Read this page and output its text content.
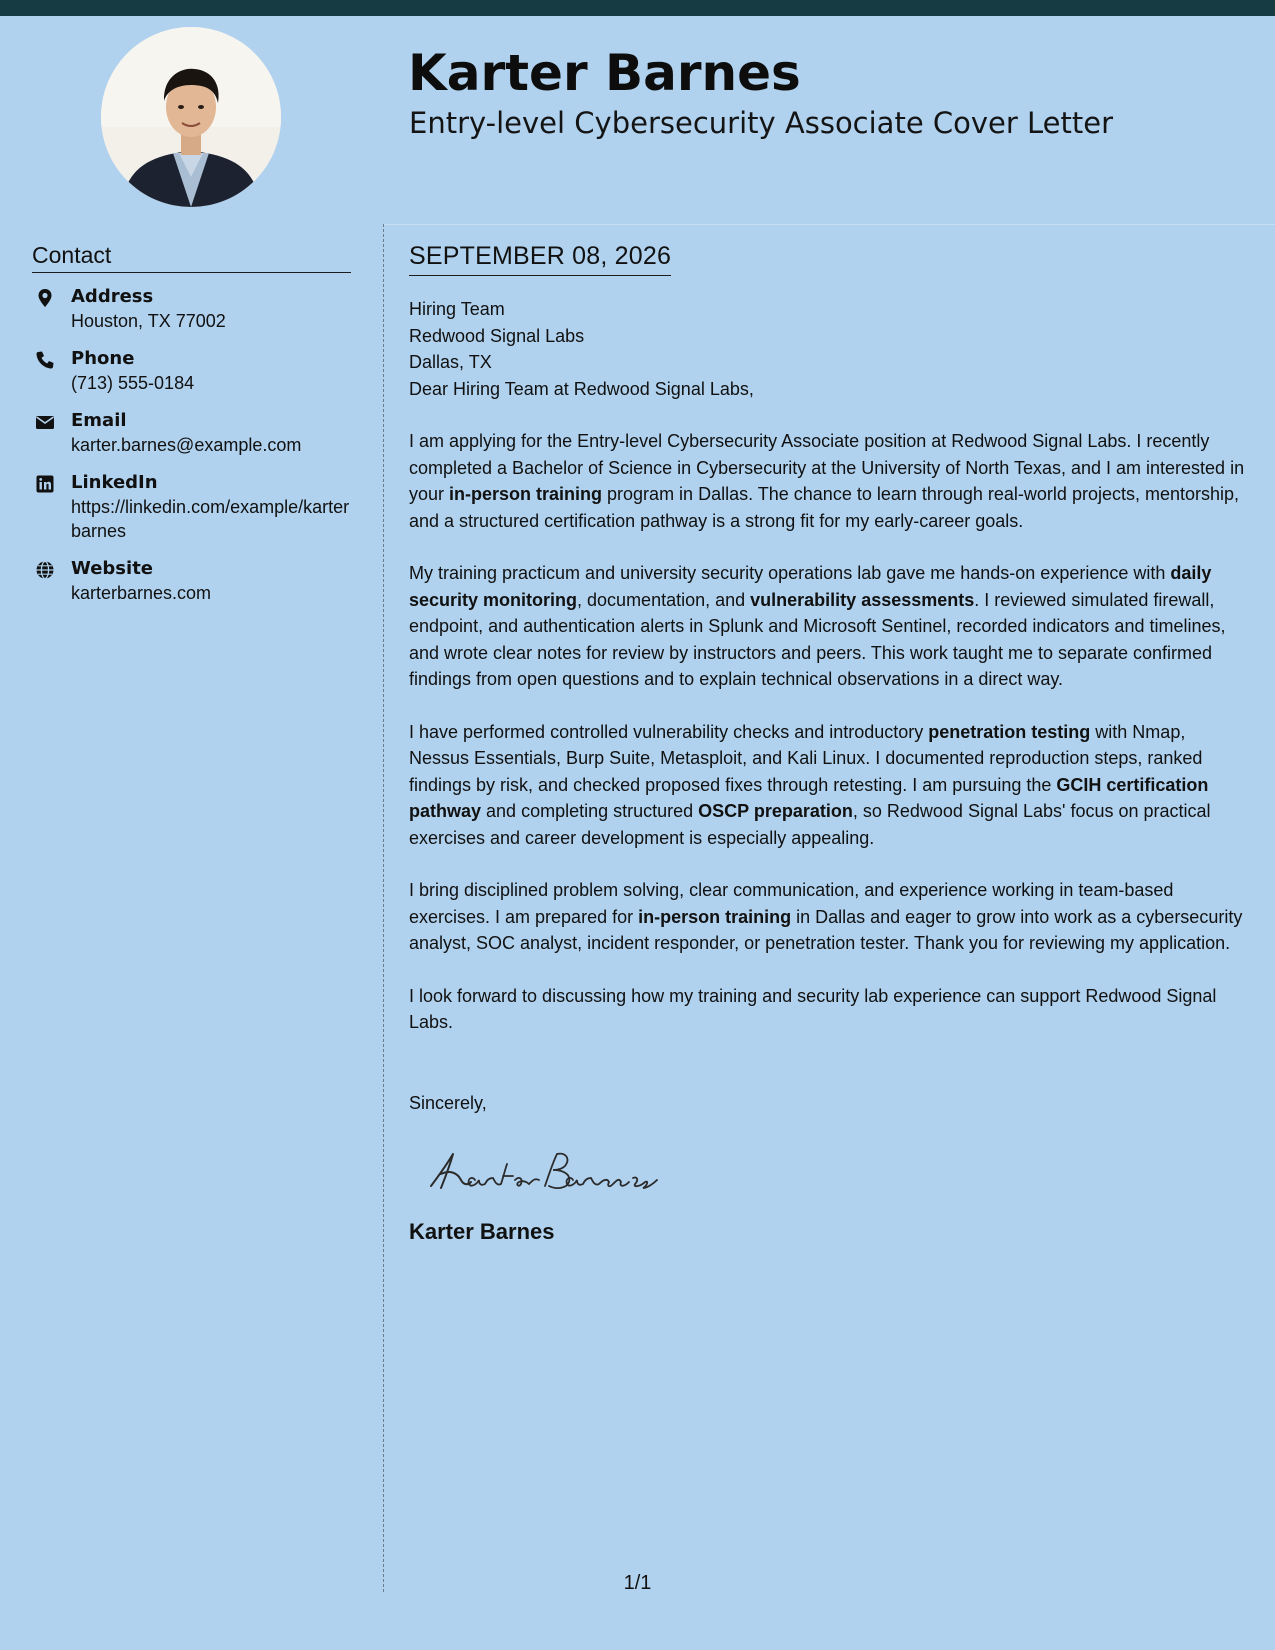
Karter Barnes
Entry-level Cybersecurity Associate Cover Letter
Contact
Address
Houston, TX 77002
Phone
(713) 555-0184
Email
karter.barnes@example.com
LinkedIn
https://linkedin.com/example/karterbarnes
Website
karterbarnes.com
SEPTEMBER 08, 2026
Hiring Team
Redwood Signal Labs
Dallas, TX

Dear Hiring Team at Redwood Signal Labs,

I am applying for the Entry-level Cybersecurity Associate position at Redwood Signal Labs. I recently completed a Bachelor of Science in Cybersecurity at the University of North Texas, and I am interested in your in-person training program in Dallas. The chance to learn through real-world projects, mentorship, and a structured certification pathway is a strong fit for my early-career goals.

My training practicum and university security operations lab gave me hands-on experience with daily security monitoring, documentation, and vulnerability assessments. I reviewed simulated firewall, endpoint, and authentication alerts in Splunk and Microsoft Sentinel, recorded indicators and timelines, and wrote clear notes for review by instructors and peers. This work taught me to separate confirmed findings from open questions and to explain technical observations in a direct way.

I have performed controlled vulnerability checks and introductory penetration testing with Nmap, Nessus Essentials, Burp Suite, Metasploit, and Kali Linux. I documented reproduction steps, ranked findings by risk, and checked proposed fixes through retesting. I am pursuing the GCIH certification pathway and completing structured OSCP preparation, so Redwood Signal Labs' focus on practical exercises and career development is especially appealing.

I bring disciplined problem solving, clear communication, and experience working in team-based exercises. I am prepared for in-person training in Dallas and eager to grow into work as a cybersecurity analyst, SOC analyst, incident responder, or penetration tester. Thank you for reviewing my application.

I look forward to discussing how my training and security lab experience can support Redwood Signal Labs.

Sincerely,

Karter Barnes
1/1
